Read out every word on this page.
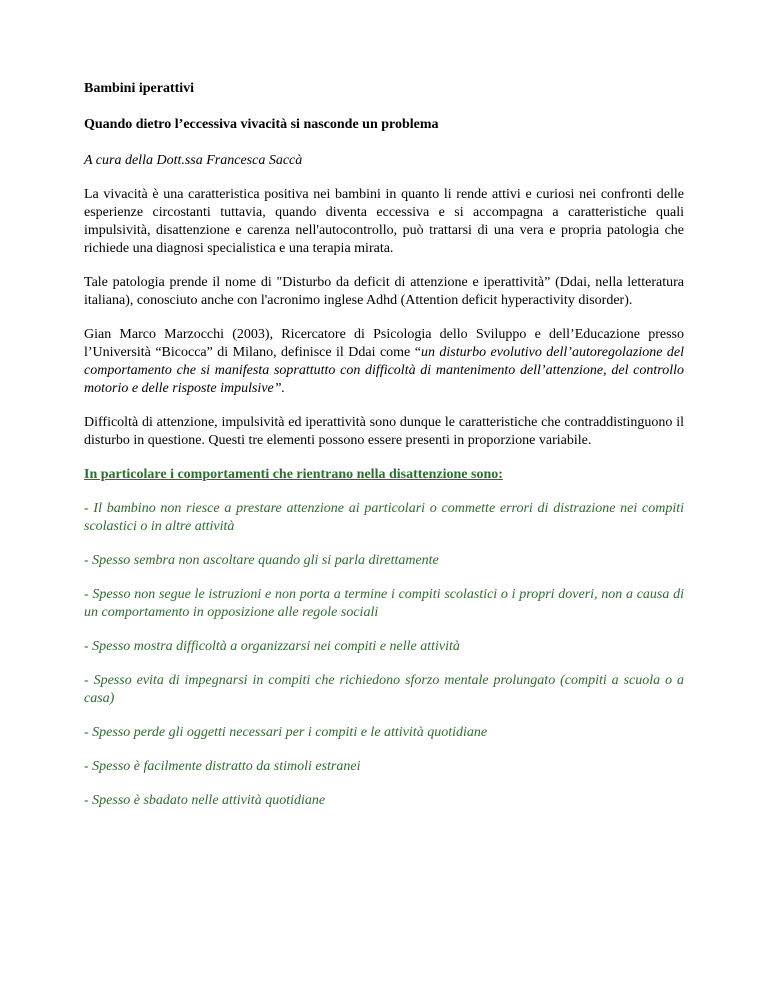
Bambini iperattivi

Quando dietro l’eccessiva vivacità si nasconde un problema

A cura della Dott.ssa Francesca Saccà

La vivacità è una caratteristica positiva nei bambini in quanto li rende attivi e curiosi nei confronti delle esperienze circostanti tuttavia, quando diventa eccessiva e si accompagna a caratteristiche quali impulsività, disattenzione e carenza nell'autocontrollo, può trattarsi di una vera e propria patologia che richiede una diagnosi specialistica e una terapia mirata.

Tale patologia prende il nome di "Disturbo da deficit di attenzione e iperattività” (Ddai, nella letteratura italiana), conosciuto anche con l'acronimo inglese Adhd (Attention deficit hyperactivity disorder).

Gian Marco Marzocchi (2003), Ricercatore di Psicologia dello Sviluppo e dell’Educazione presso l’Università “Bicocca” di Milano, definisce il Ddai come “un disturbo evolutivo dell’autoregolazione del comportamento che si manifesta soprattutto con difficoltà di mantenimento dell’attenzione, del controllo motorio e delle risposte impulsive”.

Difficoltà di attenzione, impulsività ed iperattività sono dunque le caratteristiche che contraddistinguono il disturbo in questione. Questi tre elementi possono essere presenti in proporzione variabile.

In particolare i comportamenti che rientrano nella disattenzione sono:

- Il bambino non riesce a prestare attenzione ai particolari o commette errori di distrazione nei compiti scolastici o in altre attività

- Spesso sembra non ascoltare quando gli si parla direttamente

- Spesso non segue le istruzioni e non porta a termine i compiti scolastici o i propri doveri, non a causa di un comportamento in opposizione alle regole sociali

- Spesso mostra difficoltà a organizzarsi nei compiti e nelle attività

- Spesso evita di impegnarsi in compiti che richiedono sforzo mentale prolungato (compiti a scuola o a casa)

- Spesso perde gli oggetti necessari per i compiti e le attività quotidiane

- Spesso è facilmente distratto da stimoli estranei

- Spesso è sbadato nelle attività quotidiane
